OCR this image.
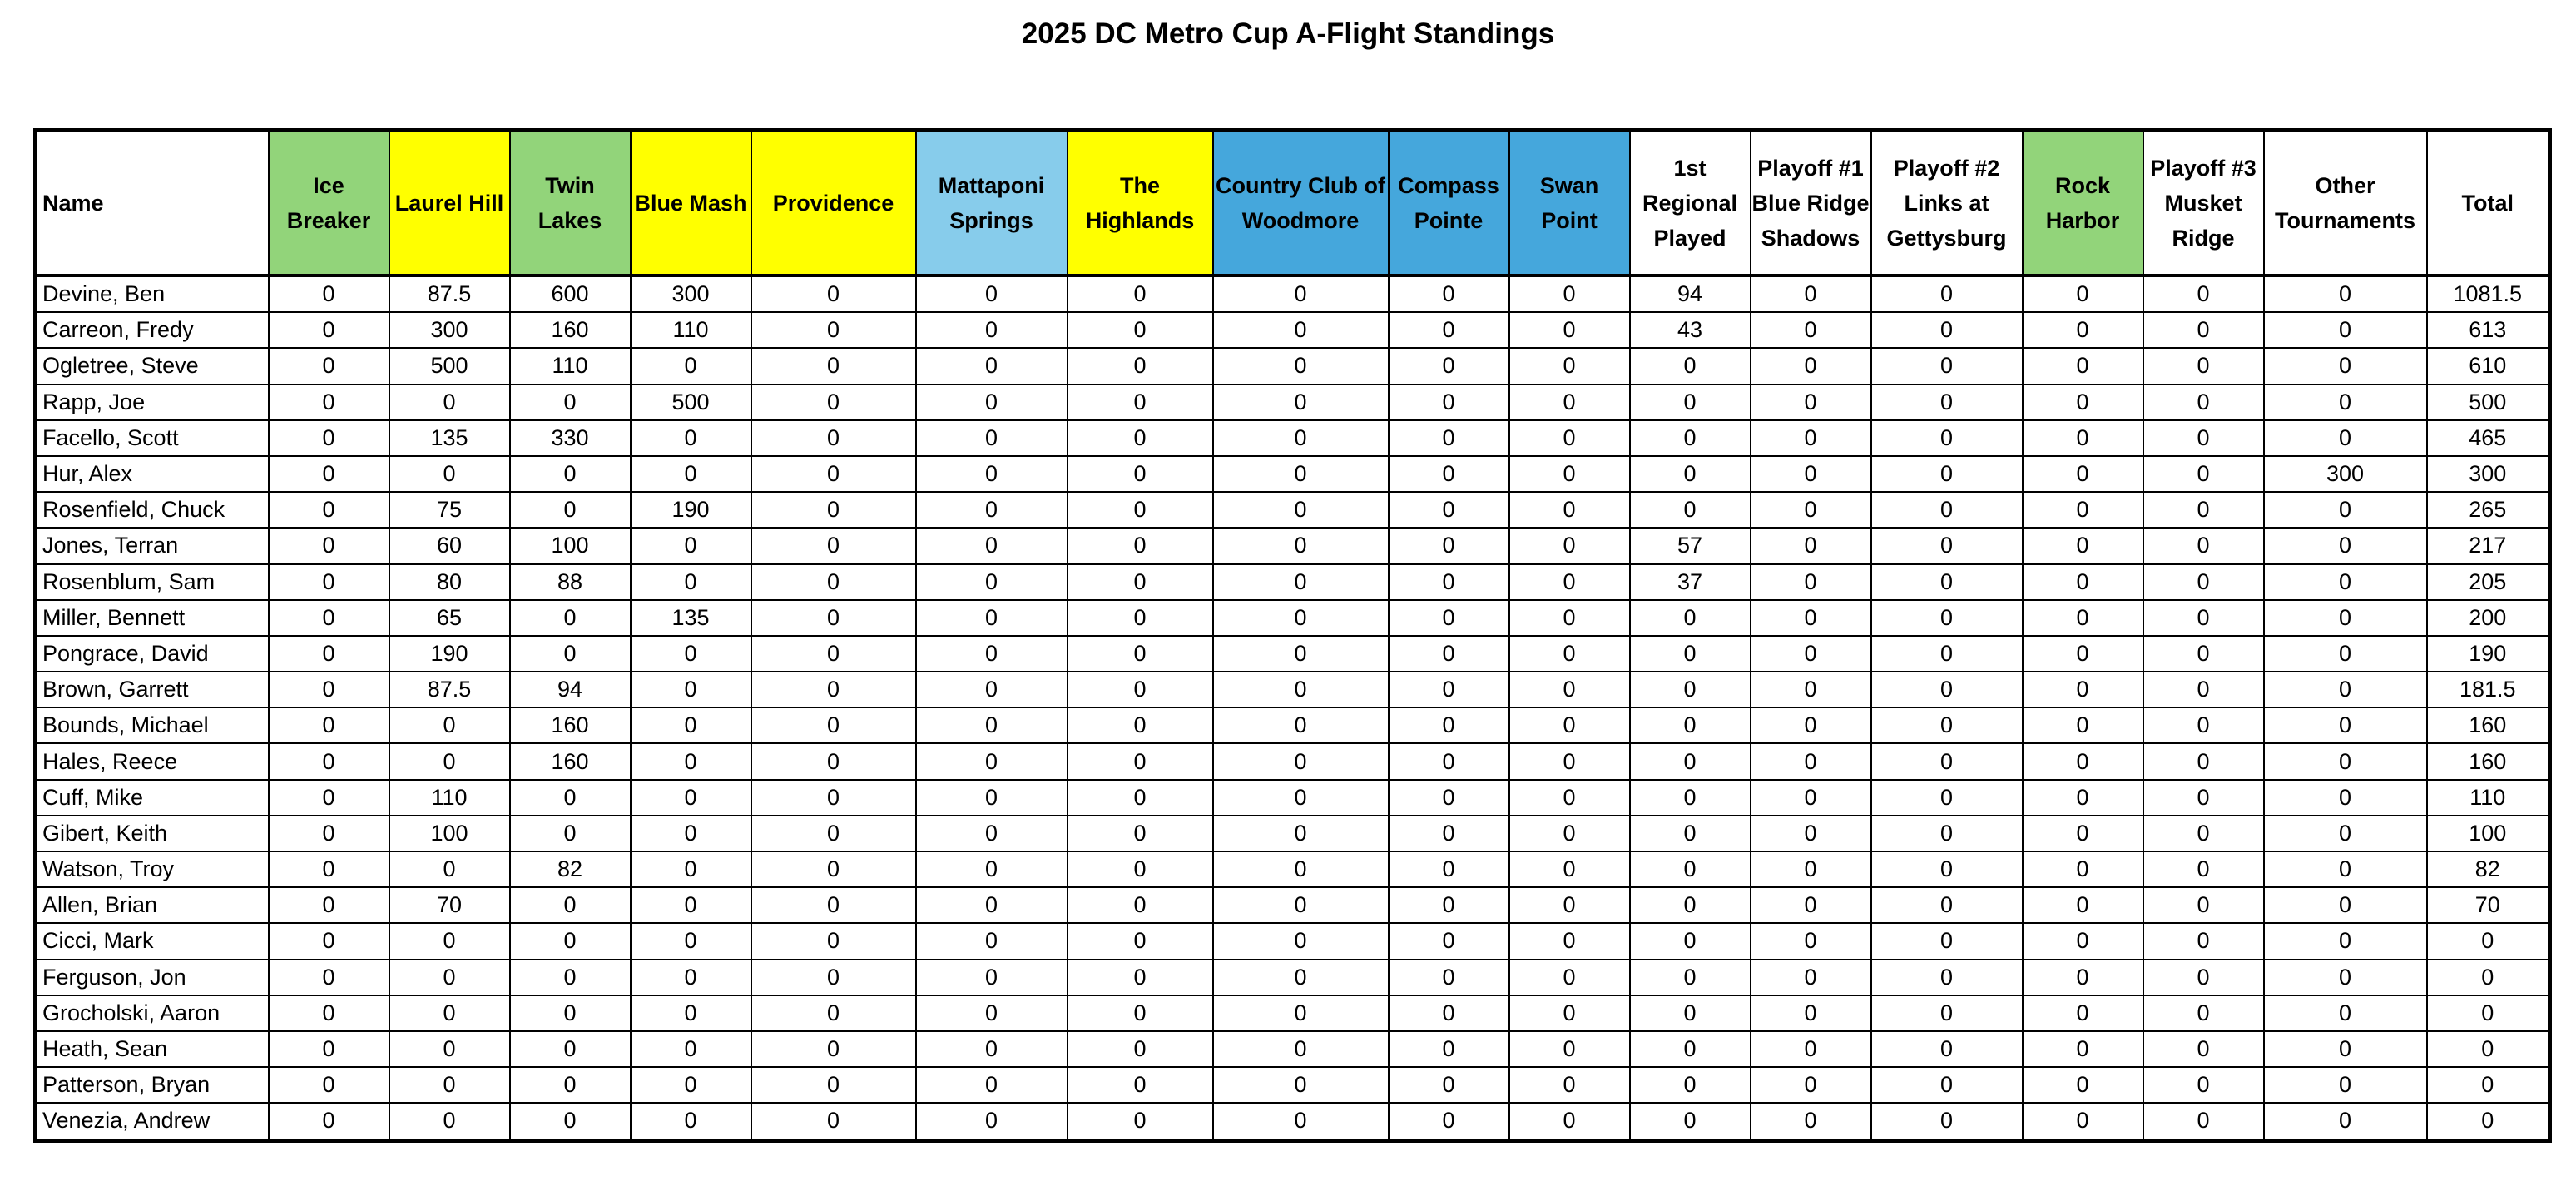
2025 DC Metro Cup A-Flight Standings
Name	Ice Breaker	Laurel Hill	Twin Lakes	Blue Mash	Providence	Mattaponi Springs	The Highlands	Country Club of Woodmore	Compass Pointe	Swan Point	1st Regional Played	Playoff #1 Blue Ridge Shadows	Playoff #2 Links at Gettysburg	Rock Harbor	Playoff #3 Musket Ridge	Other Tournaments	Total
Devine, Ben	0	87.5	600	300	0	0	0	0	0	0	94	0	0	0	0	0	1081.5
Carreon, Fredy	0	300	160	110	0	0	0	0	0	0	43	0	0	0	0	0	613
Ogletree, Steve	0	500	110	0	0	0	0	0	0	0	0	0	0	0	0	0	610
Rapp, Joe	0	0	0	500	0	0	0	0	0	0	0	0	0	0	0	0	500
Facello, Scott	0	135	330	0	0	0	0	0	0	0	0	0	0	0	0	0	465
Hur, Alex	0	0	0	0	0	0	0	0	0	0	0	0	0	0	0	300	300
Rosenfield, Chuck	0	75	0	190	0	0	0	0	0	0	0	0	0	0	0	0	265
Jones, Terran	0	60	100	0	0	0	0	0	0	0	57	0	0	0	0	0	217
Rosenblum, Sam	0	80	88	0	0	0	0	0	0	0	37	0	0	0	0	0	205
Miller, Bennett	0	65	0	135	0	0	0	0	0	0	0	0	0	0	0	0	200
Pongrace, David	0	190	0	0	0	0	0	0	0	0	0	0	0	0	0	0	190
Brown, Garrett	0	87.5	94	0	0	0	0	0	0	0	0	0	0	0	0	0	181.5
Bounds, Michael	0	0	160	0	0	0	0	0	0	0	0	0	0	0	0	0	160
Hales, Reece	0	0	160	0	0	0	0	0	0	0	0	0	0	0	0	0	160
Cuff, Mike	0	110	0	0	0	0	0	0	0	0	0	0	0	0	0	0	110
Gibert, Keith	0	100	0	0	0	0	0	0	0	0	0	0	0	0	0	0	100
Watson, Troy	0	0	82	0	0	0	0	0	0	0	0	0	0	0	0	0	82
Allen, Brian	0	70	0	0	0	0	0	0	0	0	0	0	0	0	0	0	70
Cicci, Mark	0	0	0	0	0	0	0	0	0	0	0	0	0	0	0	0	0
Ferguson, Jon	0	0	0	0	0	0	0	0	0	0	0	0	0	0	0	0	0
Grocholski, Aaron	0	0	0	0	0	0	0	0	0	0	0	0	0	0	0	0	0
Heath, Sean	0	0	0	0	0	0	0	0	0	0	0	0	0	0	0	0	0
Patterson, Bryan	0	0	0	0	0	0	0	0	0	0	0	0	0	0	0	0	0
Venezia, Andrew	0	0	0	0	0	0	0	0	0	0	0	0	0	0	0	0	0
